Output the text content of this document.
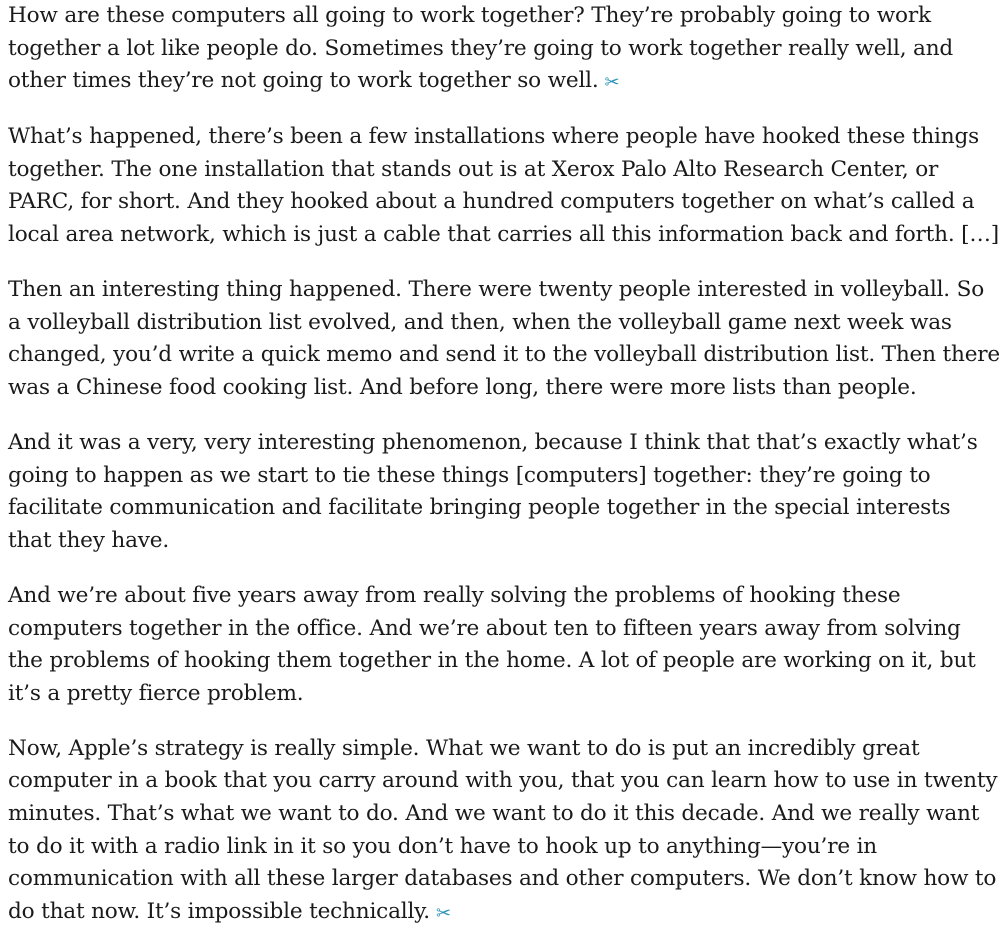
How are these computers all going to work together? They’re probably going to work together a lot like people do. Sometimes they’re going to work together really well, and other times they’re not going to work together so well. ✂

What’s happened, there’s been a few installations where people have hooked these things together. The one installation that stands out is at Xerox Palo Alto Research Center, or PARC, for short. And they hooked about a hundred computers together on what’s called a local area network, which is just a cable that carries all this information back and forth. […]

Then an interesting thing happened. There were twenty people interested in volleyball. So a volleyball distribution list evolved, and then, when the volleyball game next week was changed, you’d write a quick memo and send it to the volleyball distribution list. Then there was a Chinese food cooking list. And before long, there were more lists than people.

And it was a very, very interesting phenomenon, because I think that that’s exactly what’s going to happen as we start to tie these things [computers] together: they’re going to facilitate communication and facilitate bringing people together in the special interests that they have.

And we’re about five years away from really solving the problems of hooking these computers together in the office. And we’re about ten to fifteen years away from solving the problems of hooking them together in the home. A lot of people are working on it, but it’s a pretty fierce problem.

Now, Apple’s strategy is really simple. What we want to do is put an incredibly great computer in a book that you carry around with you, that you can learn how to use in twenty minutes. That’s what we want to do. And we want to do it this decade. And we really want to do it with a radio link in it so you don’t have to hook up to anything—you’re in communication with all these larger databases and other computers. We don’t know how to do that now. It’s impossible technically. ✂
